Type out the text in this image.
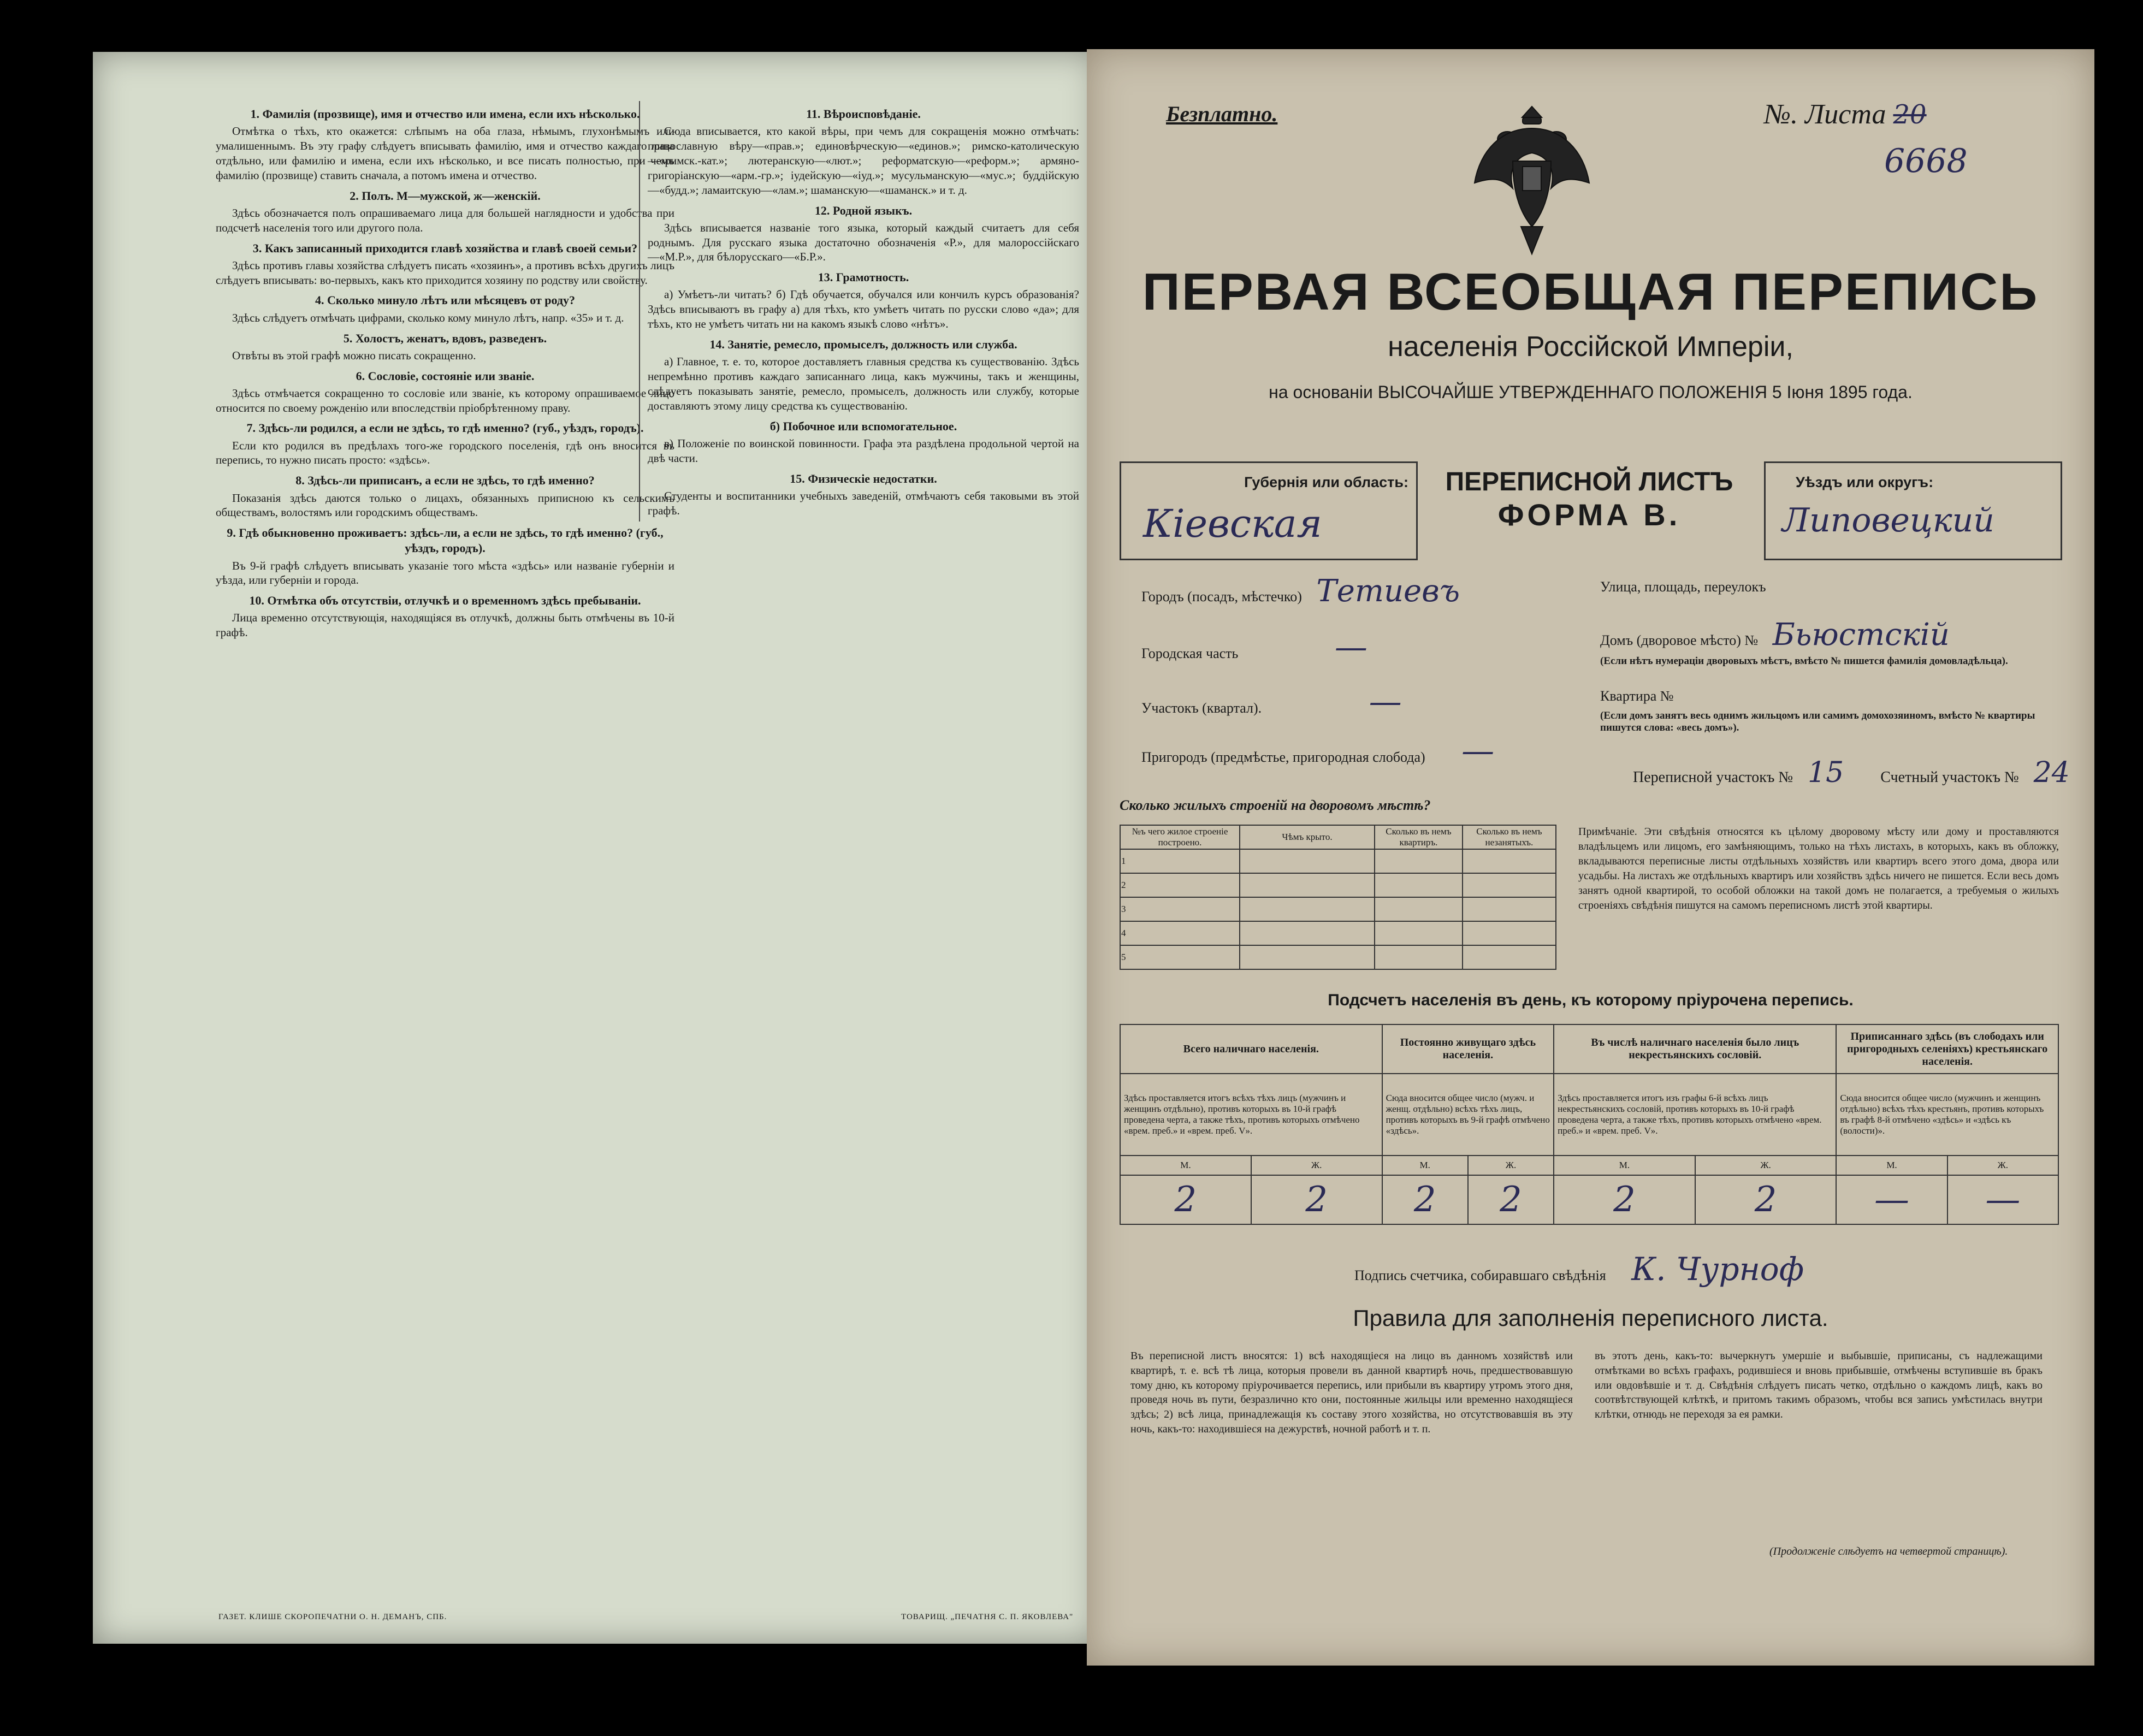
1. Фамилія (прозвище), имя и отчество или имена, если ихъ нѣсколько.

Отмѣтка о тѣхъ, кто окажется: слѣпымъ на оба глаза, нѣмымъ, глухонѣмымъ или умалишеннымъ. Въ эту графу слѣдуетъ вписывать фамилію, имя и отчество каждаго лица отдѣльно, или фамилію и имена, если ихъ нѣсколько, и все писать полностью, при чемъ фамилію (прозвище) ставить сначала, а потомъ имена и отчество.

2. Полъ. М—мужской, ж—женскій.

Здѣсь обозначается полъ опрашиваемаго лица для большей наглядности и удобства при подсчетѣ населенія того или другого пола.

3. Какъ записанный приходится главѣ хозяйства и главѣ своей семьи?

Здѣсь противъ главы хозяйства слѣдуетъ писать «хозяинъ», а противъ всѣхъ другихъ лицъ слѣдуетъ вписывать: во-первыхъ, какъ кто приходится хозяину по родству или свойству.

4. Сколько минуло лѣтъ или мѣсяцевъ от роду?

Здѣсь слѣдуетъ отмѣчать цифрами, сколько кому минуло лѣтъ, напр. «35» и т. д.

5. Холостъ, женатъ, вдовъ, разведенъ.

Отвѣты въ этой графѣ можно писать сокращенно.

6. Сословіе, состояніе или званіе.

Здѣсь отмѣчается сокращенно то сословіе или званіе, къ которому опрашиваемое лицо относится по своему рожденію или впоследствіи пріобрѣтенному праву.

7. Здѣсь-ли родился, а если не здѣсь, то гдѣ именно? (губ., уѣздъ, городъ).

Если кто родился въ предѣлахъ того-же городского поселенія, гдѣ онъ вносится въ перепись, то нужно писать просто: «здѣсь».

8. Здѣсь-ли приписанъ, а если не здѣсь, то гдѣ именно?

Показанія здѣсь даются только о лицахъ, обязанныхъ приписною къ сельскимъ обществамъ, волостямъ или городскимъ обществамъ.

9. Гдѣ обыкновенно проживаетъ: здѣсь-ли, а если не здѣсь, то гдѣ именно? (губ., уѣздъ, городъ).

Въ 9-й графѣ слѣдуетъ вписывать указаніе того мѣста «здѣсь» или названіе губерніи и уѣзда, или губерніи и города.

10. Отмѣтка объ отсутствіи, отлучкѣ и о временномъ здѣсь пребываніи.

Лица временно отсутствующія, находящіяся въ отлучкѣ, должны быть отмѣчены въ 10-й графѣ.

11. Вѣроисповѣданіе.

Сюда вписывается, кто какой вѣры, при чемъ для сокращенія можно отмѣчать: православную вѣру—«прав.»; единовѣрческую—«единов.»; римско-католическую—«римск.-кат.»; лютеранскую—«лют.»; реформатскую—«реформ.»; армяно-григоріанскую—«арм.-гр.»; іудейскую—«іуд.»; мусульманскую—«мус.»; буддійскую—«будд.»; ламаитскую—«лам.»; шаманскую—«шаманск.» и т. д.

12. Родной языкъ.

Здѣсь вписывается названіе того языка, который каждый считаетъ для себя роднымъ. Для русскаго языка достаточно обозначенія «Р.», для малороссійскаго—«М.Р.», для бѣлорусскаго—«Б.Р.».

13. Грамотность.

а) Умѣетъ-ли читать? б) Гдѣ обучается, обучался или кончилъ курсъ образованія? Здѣсь вписываютъ въ графу а) для тѣхъ, кто умѣетъ читать по русски слово «да»; для тѣхъ, кто не умѣетъ читать ни на какомъ языкѣ слово «нѣтъ».

14. Занятіе, ремесло, промыселъ, должность или служба.

а) Главное, т. е. то, которое доставляетъ главныя средства къ существованію. Здѣсь непремѣнно противъ каждаго записаннаго лица, какъ мужчины, такъ и женщины, слѣдуетъ показывать занятіе, ремесло, промыселъ, должность или службу, которые доставляютъ этому лицу средства къ существованію.

б) Побочное или вспомогательное.

в) Положеніе по воинской повинности. Графа эта раздѣлена продольной чертой на двѣ части.

15. Физическіе недостатки.

Студенты и воспитанники учебныхъ заведеній, отмѣчаютъ себя таковыми въ этой графѣ.

ГАЗЕТ. КЛИШЕ СКОРОПЕЧАТНИ О. Н. ДЕМАНЪ, СПБ.	ТОВАРИЩ. „ПЕЧАТНЯ С. П. ЯКОВЛЕВА"
Безплатно.	№. Листа 20
6668
ПЕРВАЯ ВСЕОБЩАЯ ПЕРЕПИСЬ
населенія Россійской Имперіи,
на основаніи ВЫСОЧАЙШЕ УТВЕРЖДЕННАГО ПОЛОЖЕНІЯ 5 Іюня 1895 года.
Губернія или область:
Кіевская
ПЕРЕПИСНОЙ ЛИСТЪ
ФОРМА В.
Уѣздъ или округъ:
Липовецкий
Городъ (посадъ, мѣстечко) Тетиевъ	Улица, площадь, переулокъ
Городская часть	—	Домъ (дворовое мѣсто) № Бьюстскій
(Если нѣтъ нумераціи дворовыхъ мѣстъ, вмѣсто № пишется фамилія домовладѣльца).
Участокъ (квартал).	—	Квартира №
(Если домъ занятъ весь однимъ жильцомъ или самимъ домохозяиномъ, вмѣсто № квартиры пишутся слова: «весь домъ»).
Пригородъ (предмѣстье, пригородная слобода) —
Переписной участокъ № 15 Счетный участокъ № 24
Сколько жилыхъ строеній на дворовомъ мѣстѣ?
№ъ чего жилое строеніе построено.	Чѣмъ крыто.	Сколько въ немъ квартиръ.	Сколько въ немъ незанятыхъ.
1			
2			
3			
4			
5			
Примѣчаніе. Эти свѣдѣнія относятся къ цѣлому дворовому мѣсту или дому и проставляются владѣльцемъ или лицомъ, его замѣняющимъ, только на тѣхъ листахъ, в которыхъ, какъ въ обложку, вкладываются переписные листы отдѣльныхъ хозяйствъ или квартиръ всего этого дома, двора или усадьбы. На листахъ же отдѣльныхъ квартиръ или хозяйствъ здѣсь ничего не пишется. Если весь домъ занятъ одной квартирой, то особой обложки на такой домъ не полагается, а требуемыя о жилыхъ строеніяхъ свѣдѣнія пишутся на самомъ переписномъ листѣ этой квартиры.
Подсчетъ населенія въ день, къ которому пріурочена перепись.
Всего наличнаго населенія.		Постоянно живущаго здѣсь населенія.		Въ числѣ наличнаго населенія было лицъ некрестьянскихъ сословій.		Приписаннаго здѣсь (въ слободахъ или пригородныхъ селеніяхъ) крестьянскаго населенія.	
Здѣсь проставляется итогъ всѣхъ тѣхъ лицъ (мужчинъ и женщинъ отдѣльно), противъ которыхъ въ 10-й графѣ проведена черта, а также тѣхъ, противъ которыхъ отмѣчено «врем. преб.» и «врем. преб. V».		Сюда вносится общее число (мужч. и женщ. отдѣльно) всѣхъ тѣхъ лицъ, противъ которыхъ въ 9-й графѣ отмѣчено «здѣсь».		Здѣсь проставляется итогъ изъ графы 6-й всѣхъ лицъ некрестьянскихъ сословій, противъ которыхъ въ 10-й графѣ проведена черта, а также тѣхъ, противъ которыхъ отмѣчено «врем. преб.» и «врем. преб. V».		Сюда вносится общее число (мужчинъ и женщинъ отдѣльно) всѣхъ тѣхъ крестьянъ, противъ которыхъ въ графѣ 8-й отмѣчено «здѣсь» и «здѣсь къ (волости)».	
М.	Ж.	М.	Ж.	М.	Ж.	М.	Ж.
2	2	2	2	2	2	—	—
Подпись счетчика, собиравшаго свѣдѣнія К. Чурноф
Правила для заполненія переписного листа.
Въ переписной листъ вносятся: 1) всѣ находящіеся на лицо въ данномъ хозяйствѣ или квартирѣ, т. е. всѣ тѣ лица, которыя провели въ данной квартирѣ ночь, предшествовавшую тому дню, къ которому пріурочивается перепись, или прибыли въ квартиру утромъ этого дня, проведя ночь въ пути, безразлично кто они, постоянные жильцы или временно находящіеся здѣсь; 2) всѣ лица, принадлежащія къ составу этого хозяйства, но отсутствовавшія въ эту ночь, какъ-то: находившіеся на дежурствѣ, ночной работѣ и т. п.
въ этотъ день, какъ-то: вычеркнутъ умершіе и выбывшіе, приписаны, съ надлежащими отмѣтками во всѣхъ графахъ, родившіеся и вновь прибывшіе, отмѣчены вступившіе въ бракъ или овдовѣвшіе и т. д. Свѣдѣнія слѣдуетъ писать четко, отдѣльно о каждомъ лицѣ, какъ во соотвѣтствующей клѣткѣ, и притомъ такимъ образомъ, чтобы вся запись умѣстилась внутри клѣтки, отнюдь не переходя за ея рамки.
(Продолженіе слѣдуетъ на четвертой страницѣ).
